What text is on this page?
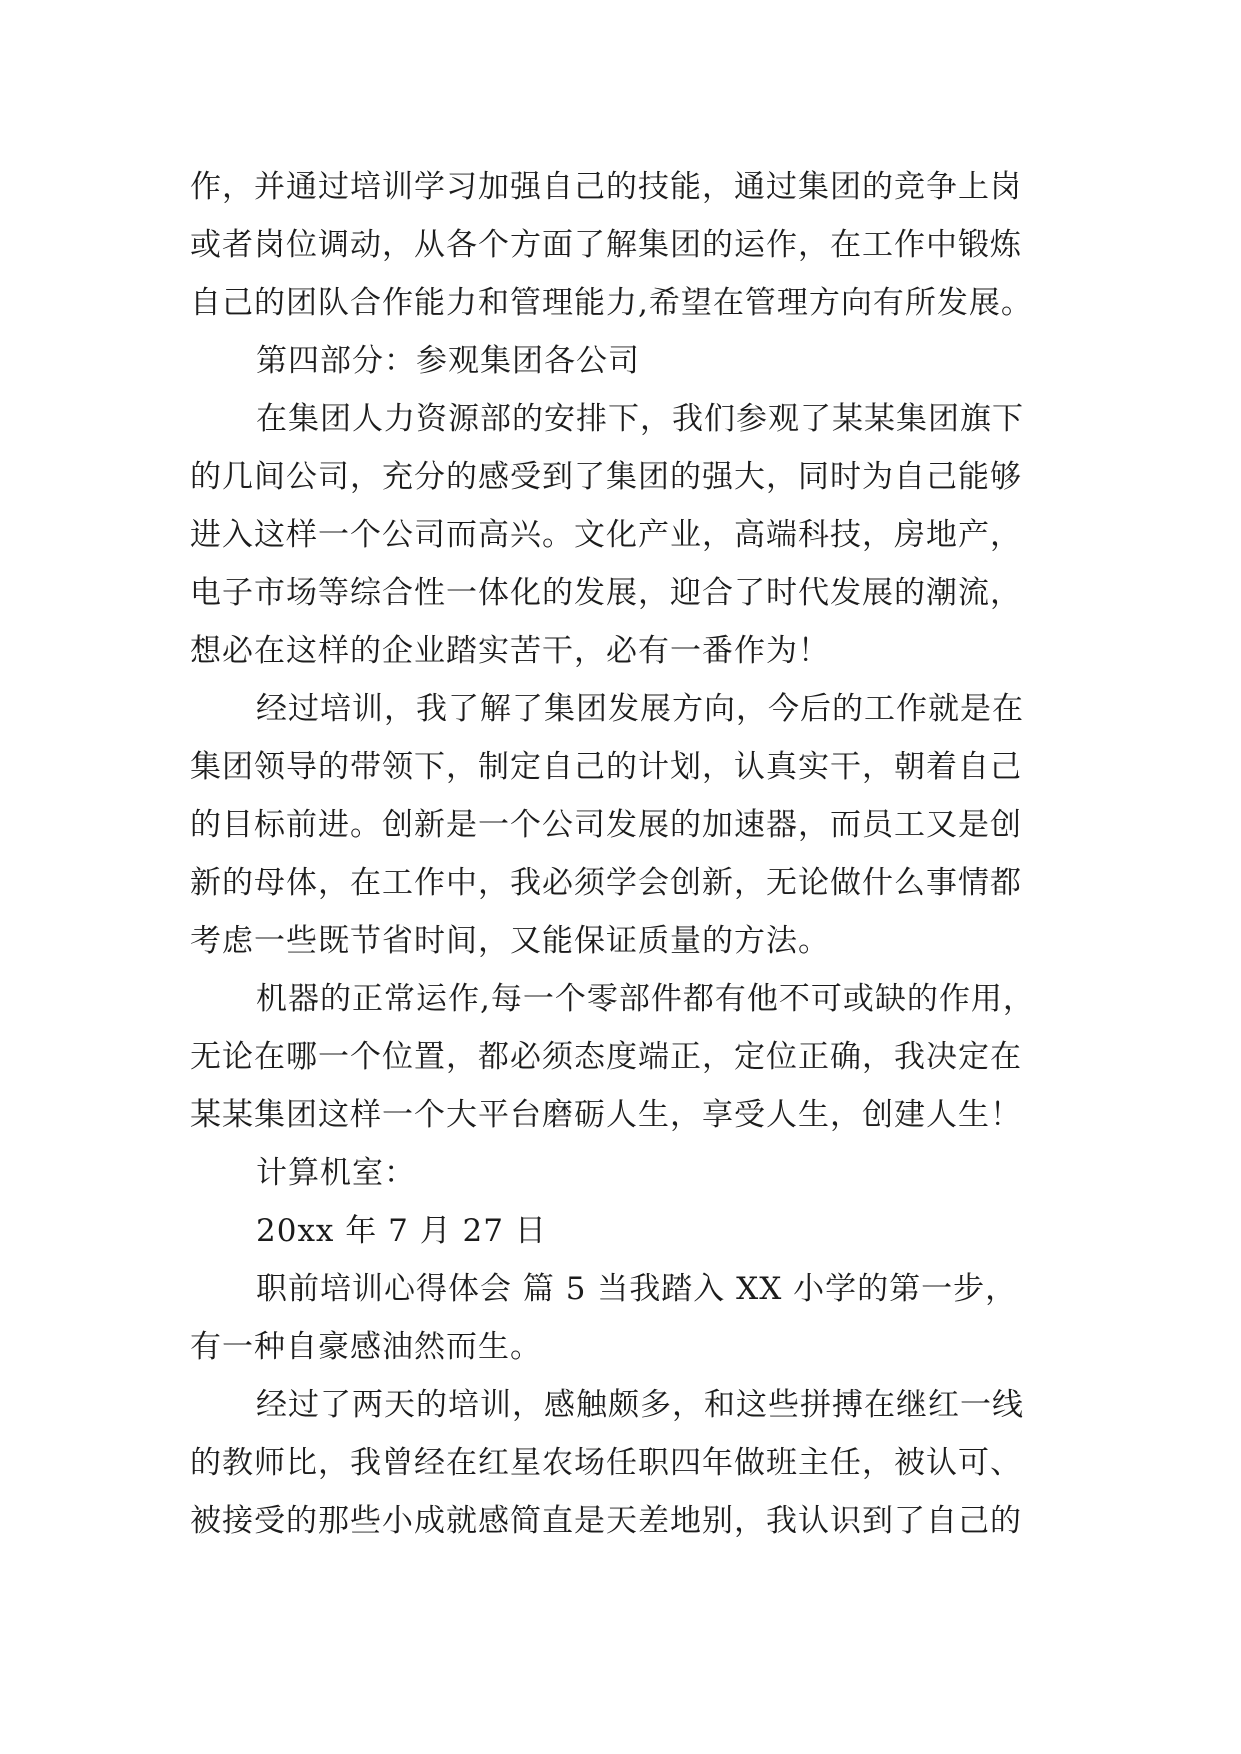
作，并通过培训学习加强自己的技能，通过集团的竞争上岗
或者岗位调动，从各个方面了解集团的运作，在工作中锻炼
自己的团队合作能力和管理能力,希望在管理方向有所发展。
第四部分：参观集团各公司
在集团人力资源部的安排下，我们参观了某某集团旗下
的几间公司，充分的感受到了集团的强大，同时为自己能够
进入这样一个公司而高兴。文化产业，高端科技，房地产，
电子市场等综合性一体化的发展，迎合了时代发展的潮流，
想必在这样的企业踏实苦干，必有一番作为！
经过培训，我了解了集团发展方向，今后的工作就是在
集团领导的带领下，制定自己的计划，认真实干，朝着自己
的目标前进。创新是一个公司发展的加速器，而员工又是创
新的母体，在工作中，我必须学会创新，无论做什么事情都
考虑一些既节省时间，又能保证质量的方法。
机器的正常运作,每一个零部件都有他不可或缺的作用，
无论在哪一个位置，都必须态度端正，定位正确，我决定在
某某集团这样一个大平台磨砺人生，享受人生，创建人生！
计算机室：
20xx 年 7 月 27 日
职前培训心得体会 篇 5 当我踏入 XX 小学的第一步，
有一种自豪感油然而生。
经过了两天的培训，感触颇多，和这些拼搏在继红一线
的教师比，我曾经在红星农场任职四年做班主任，被认可、
被接受的那些小成就感简直是天差地别，我认识到了自己的
